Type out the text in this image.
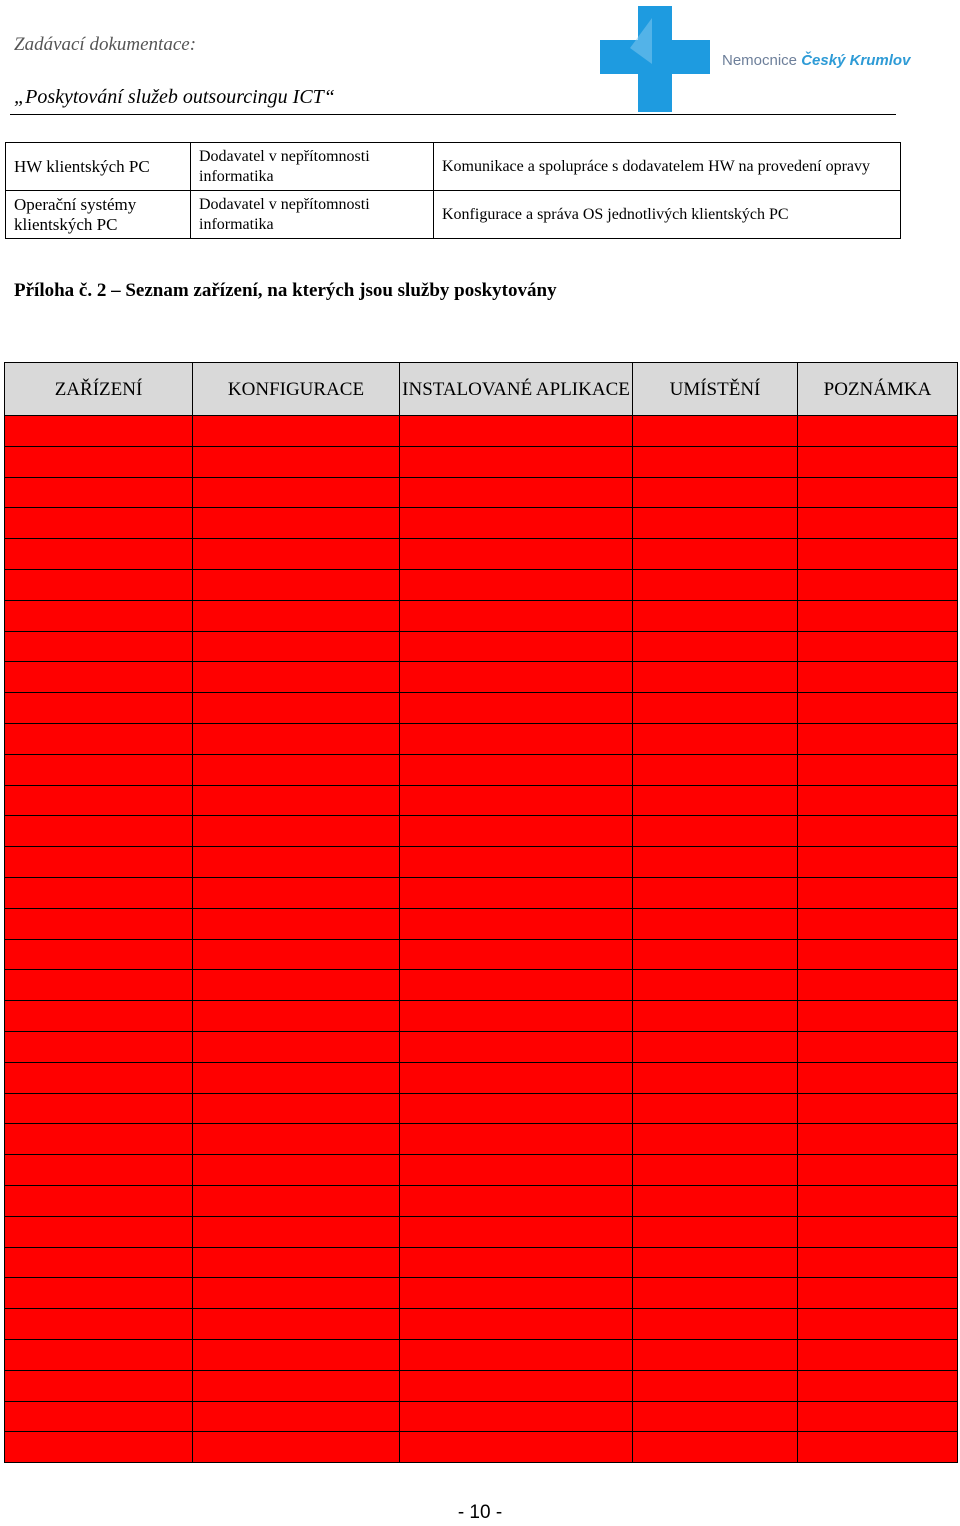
Zadávací dokumentace:
„Poskytování služeb outsourcingu ICT“
Nemocnice Český Krumlov
HW klientských PC	Dodavatel v nepřítomnosti informatika	Komunikace a spolupráce s dodavatelem HW na provedení opravy
Operační systémy klientských PC	Dodavatel v nepřítomnosti informatika	Konfigurace a správa OS jednotlivých klientských PC
Příloha č. 2 – Seznam zařízení, na kterých jsou služby poskytovány
ZAŘÍZENÍ	KONFIGURACE	INSTALOVANÉ APLIKACE	UMÍSTĚNÍ	POZNÁMKA

- 10 -
